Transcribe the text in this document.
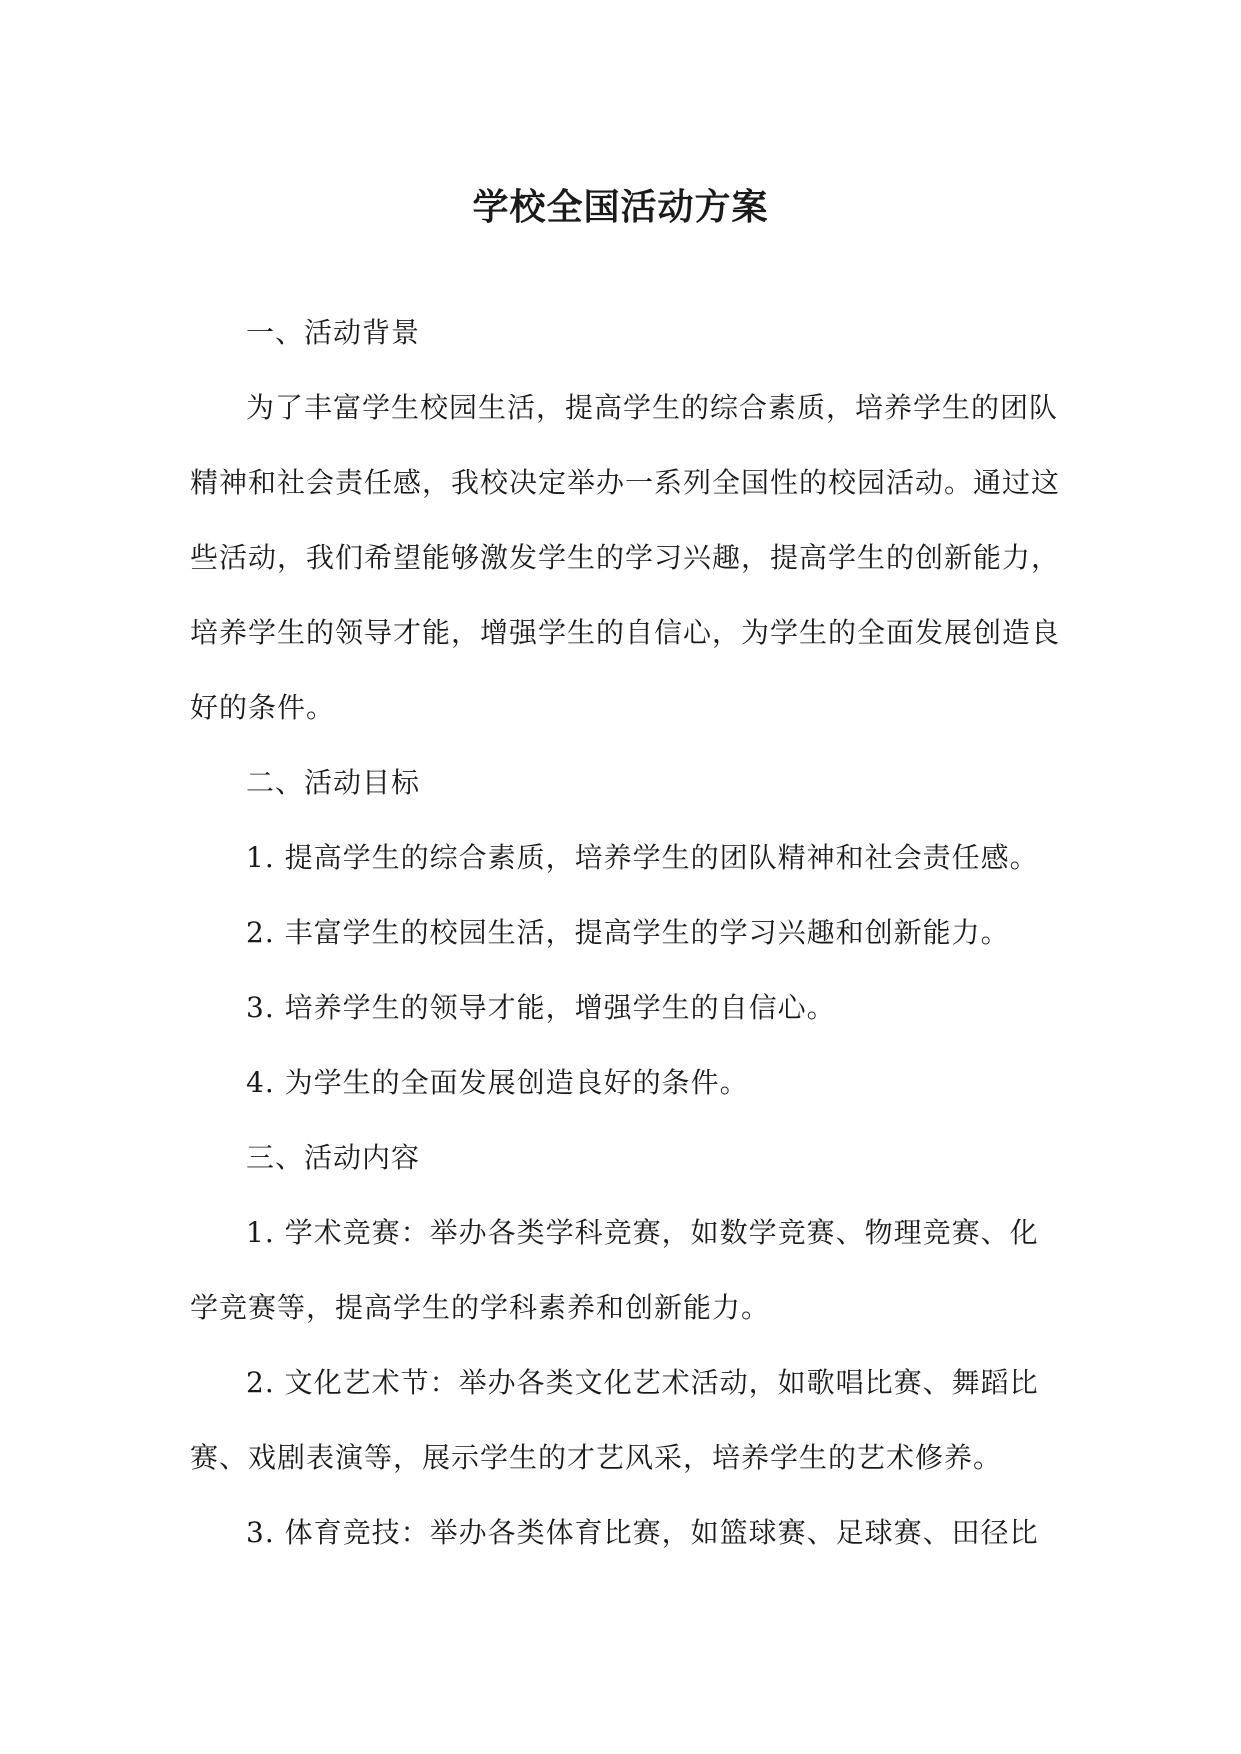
学校全国活动方案
一、活动背景
为了丰富学生校园生活，提高学生的综合素质，培养学生的团队
精神和社会责任感，我校决定举办一系列全国性的校园活动。通过这
些活动，我们希望能够激发学生的学习兴趣，提高学生的创新能力，
培养学生的领导才能，增强学生的自信心，为学生的全面发展创造良
好的条件。
二、活动目标
1. 提高学生的综合素质，培养学生的团队精神和社会责任感。
2. 丰富学生的校园生活，提高学生的学习兴趣和创新能力。
3. 培养学生的领导才能，增强学生的自信心。
4. 为学生的全面发展创造良好的条件。
三、活动内容
1. 学术竞赛：举办各类学科竞赛，如数学竞赛、物理竞赛、化
学竞赛等，提高学生的学科素养和创新能力。
2. 文化艺术节：举办各类文化艺术活动，如歌唱比赛、舞蹈比
赛、戏剧表演等，展示学生的才艺风采，培养学生的艺术修养。
3. 体育竞技：举办各类体育比赛，如篮球赛、足球赛、田径比
